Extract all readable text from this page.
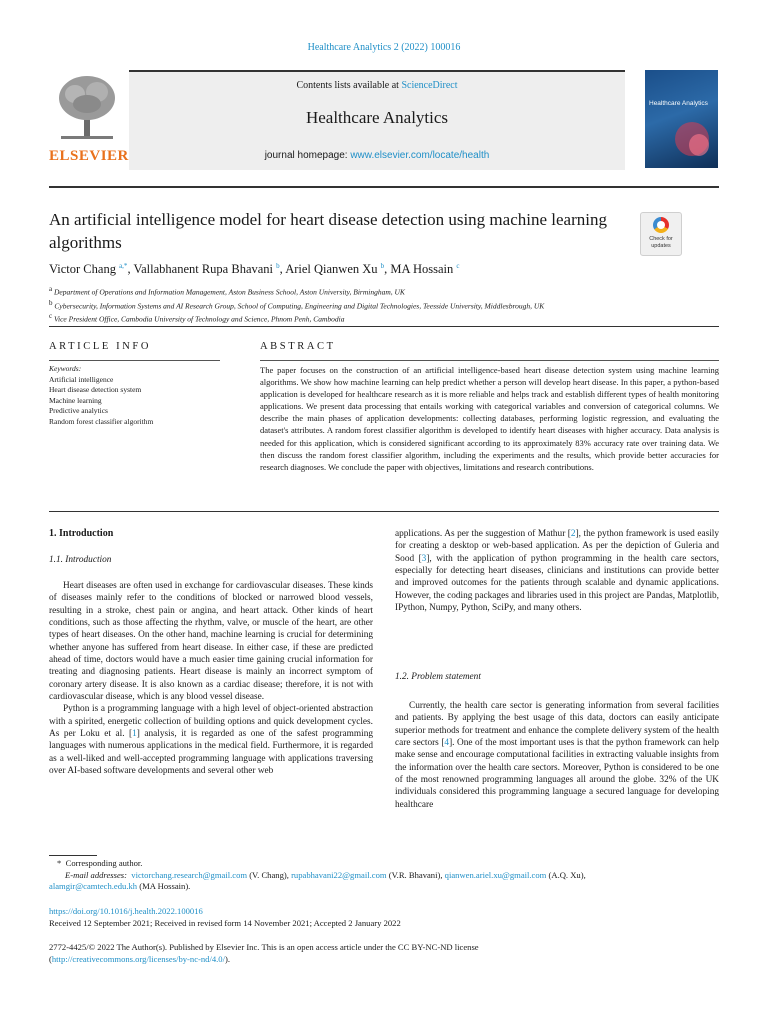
Healthcare Analytics 2 (2022) 100016
ELSEVIER
Contents lists available at ScienceDirect
Healthcare Analytics
journal homepage: www.elsevier.com/locate/health
Healthcare Analytics
An artificial intelligence model for heart disease detection using machine learning algorithms	Check for
updates
Victor Chang $^{a,*}$, Vallabhanent Rupa Bhavani $^b$, Ariel Qianwen Xu $^b$, MA Hossain $^c$
a Department of Operations and Information Management, Aston Business School, Aston University, Birmingham, UK
b Cybersecurity, Information Systems and AI Research Group, School of Computing, Engineering and Digital Technologies, Teesside University, Middlesbrough, UK
c Vice President Office, Cambodia University of Technology and Science, Phnom Penh, Cambodia
ARTICLE INFO	ABSTRACT
Keywords:
Artificial intelligence
Heart disease detection system
Machine learning
Predictive analytics
Random forest classifier algorithm
The paper focuses on the construction of an artificial intelligence-based heart disease detection system using machine learning algorithms. We show how machine learning can help predict whether a person will develop heart disease. In this paper, a python-based application is developed for healthcare research as it is more reliable and helps track and establish different types of health monitoring applications. We present data processing that entails working with categorical variables and conversion of categorical columns. We describe the main phases of application developments: collecting databases, performing logistic regression, and evaluating the dataset's attributes. A random forest classifier algorithm is developed to identify heart diseases with higher accuracy. Data analysis is needed for this application, which is considered significant according to its approximately 83% accuracy rate over training data. We then discuss the random forest classifier algorithm, including the experiments and the results, which provide better accuracies for research diagnoses. We conclude the paper with objectives, limitations and research contributions.
1. Introduction
1.1. Introduction
1.2. Problem statement

Heart diseases are often used in exchange for cardiovascular diseases. These kinds of diseases mainly refer to the conditions of blocked or narrowed blood vessels, resulting in a stroke, chest pain or angina, and heart attack. Other kinds of heart conditions, such as those affecting the rhythm, valve, or muscle of the heart, are other types of heart diseases. On the other hand, machine learning is crucial for determining whether anyone has suffered from heart disease. In either case, if these are predicted ahead of time, doctors would have a much easier time gaining crucial information for treating and diagnosing patients. Heart disease is mainly an incorrect symptom of coronary artery disease. It is also known as a cardiac disease; therefore, it is not with cardiovascular disease, which is any blood vessel disease.

Python is a programming language with a high level of object-oriented abstraction with a spirited, energetic collection of building options and quick development cycles. As per Loku et al. [1] analysis, it is regarded as one of the safest programming languages with numerous applications in the medical field. Furthermore, it is regarded as a well-liked and well-accepted programming language with applications traversing over AI-based software developments and several other web

applications. As per the suggestion of Mathur [2], the python framework is used easily for creating a desktop or web-based application. As per the depiction of Guleria and Sood [3], with the application of python programming in the health care sectors, especially for detecting heart diseases, clinicians and institutions can provide better and improved outcomes for the patients through scalable and dynamic applications. However, the coding packages and libraries used in this project are Pandas, Matplotlib, IPython, Numpy, Python, SciPy, and many others.

Currently, the health care sector is generating information from several facilities and patients. By applying the best usage of this data, doctors can easily anticipate superior methods for treatment and enhance the complete delivery system of the health care sectors [4]. One of the most important uses is that the python framework can help make sense and encourage computational facilities in extracting valuable insights from the information over the health care sectors. Moreover, Python is considered to be one of the most renowned programming languages all around the globe. 32% of the UK individuals considered this programming language a secured language for developing healthcare

* Corresponding author.
E-mail addresses: victorchang.research@gmail.com (V. Chang), rupabhavani22@gmail.com (V.R. Bhavani), qianwen.ariel.xu@gmail.com (A.Q. Xu),
alamgir@camtech.edu.kh (MA Hossain).
https://doi.org/10.1016/j.health.2022.100016
Received 12 September 2021; Received in revised form 14 November 2021; Accepted 2 January 2022
2772-4425/© 2022 The Author(s). Published by Elsevier Inc. This is an open access article under the CC BY-NC-ND license
(http://creativecommons.org/licenses/by-nc-nd/4.0/).
